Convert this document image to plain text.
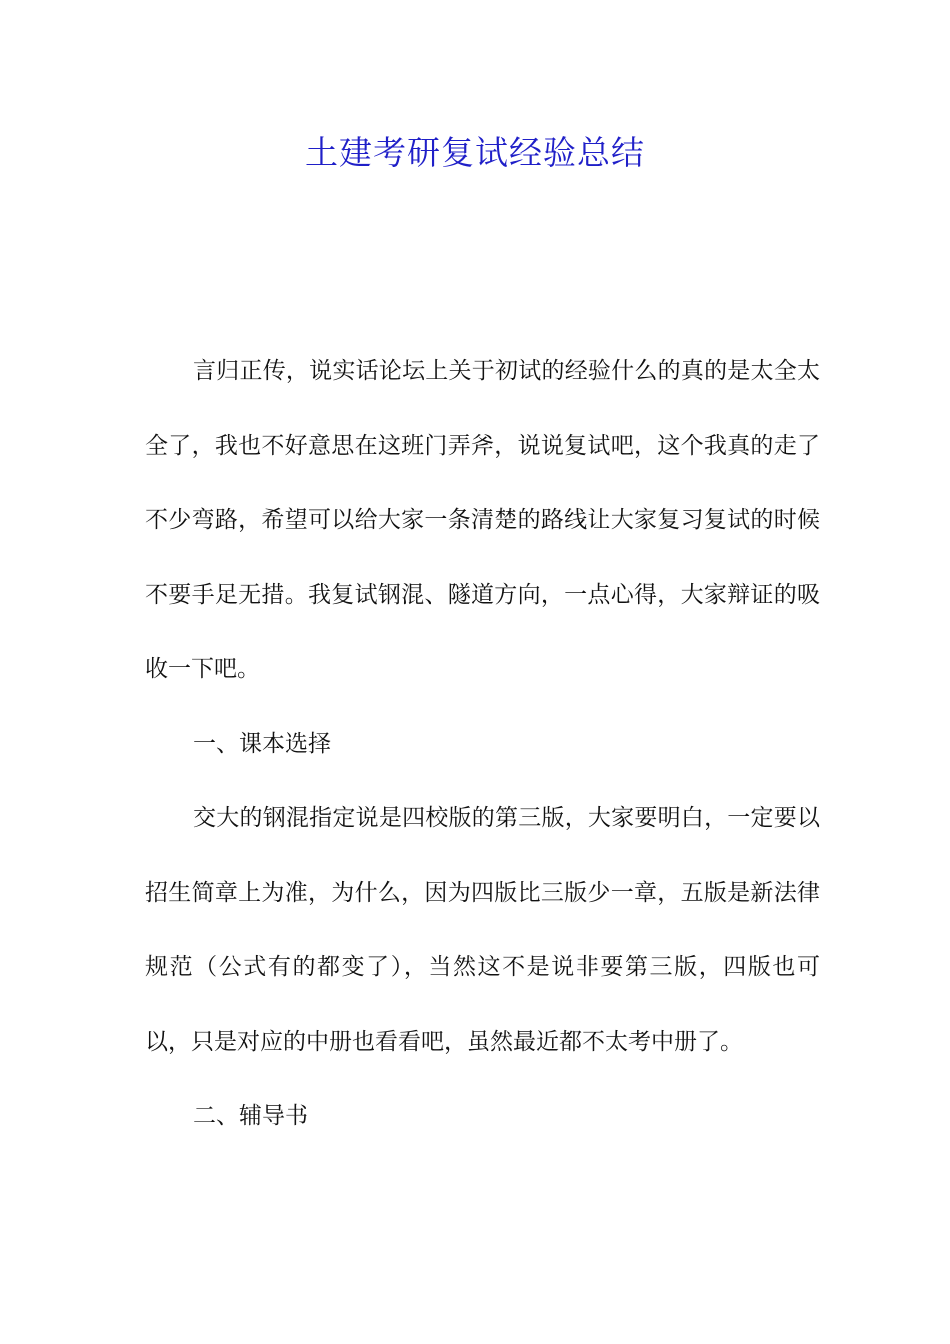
土建考研复试经验总结

言归正传，说实话论坛上关于初试的经验什么的真的是太全太全了，我也不好意思在这班门弄斧，说说复试吧，这个我真的走了不少弯路，希望可以给大家一条清楚的路线让大家复习复试的时候不要手足无措。我复试钢混、隧道方向，一点心得，大家辩证的吸收一下吧。

一、课本选择

交大的钢混指定说是四校版的第三版，大家要明白，一定要以招生简章上为准，为什么，因为四版比三版少一章，五版是新法律规范（公式有的都变了），当然这不是说非要第三版，四版也可以，只是对应的中册也看看吧，虽然最近都不太考中册了。

二、辅导书
